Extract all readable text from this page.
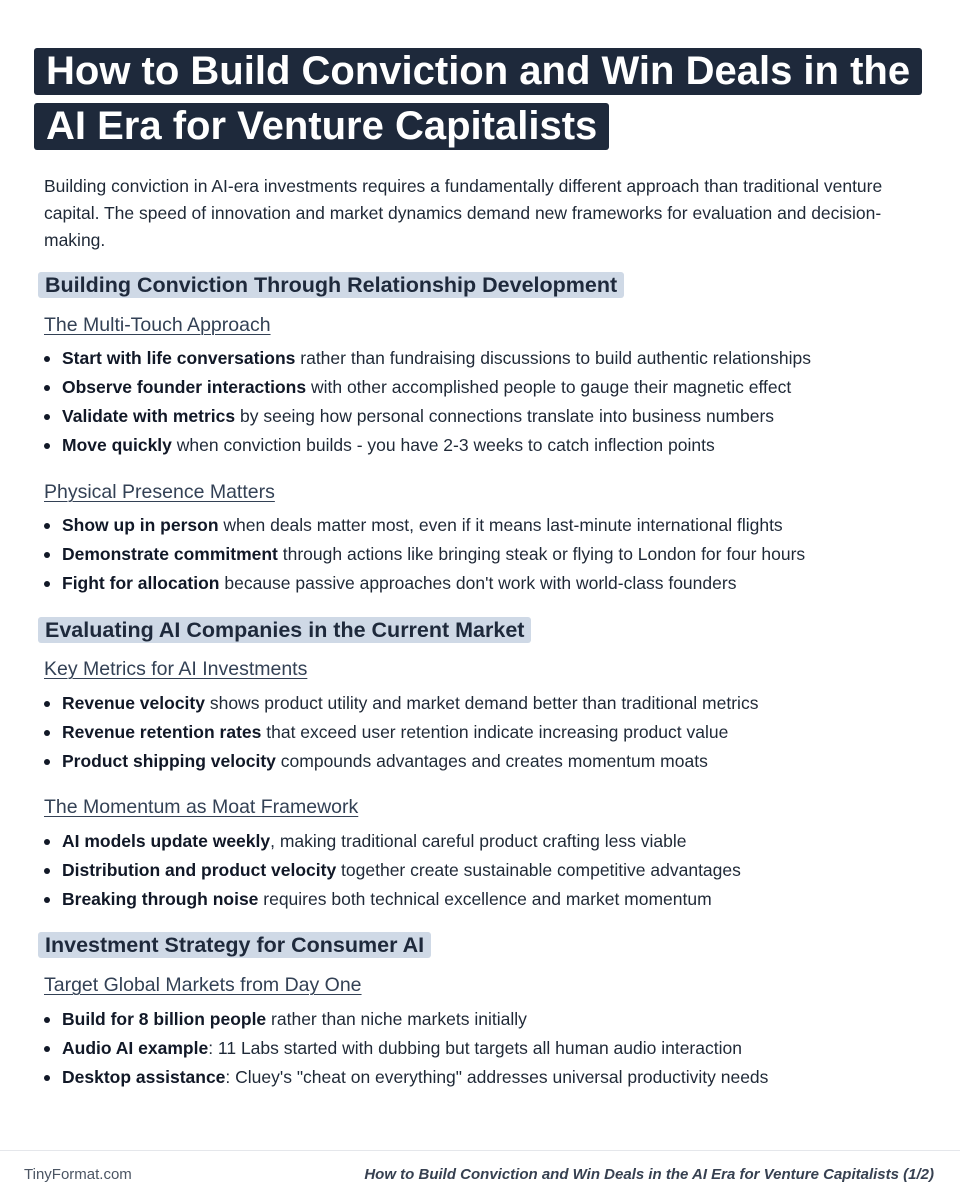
How to Build Conviction and Win Deals in the
AI Era for Venture Capitalists

Building conviction in AI-era investments requires a fundamentally different approach than traditional venture capital. The speed of innovation and market dynamics demand new frameworks for evaluation and decision-making.

Building Conviction Through Relationship Development
The Multi-Touch Approach
Start with life conversations rather than fundraising discussions to build authentic relationships
Observe founder interactions with other accomplished people to gauge their magnetic effect
Validate with metrics by seeing how personal connections translate into business numbers
Move quickly when conviction builds - you have 2-3 weeks to catch inflection points
Physical Presence Matters
Show up in person when deals matter most, even if it means last-minute international flights
Demonstrate commitment through actions like bringing steak or flying to London for four hours
Fight for allocation because passive approaches don't work with world-class founders
Evaluating AI Companies in the Current Market
Key Metrics for AI Investments
Revenue velocity shows product utility and market demand better than traditional metrics
Revenue retention rates that exceed user retention indicate increasing product value
Product shipping velocity compounds advantages and creates momentum moats
The Momentum as Moat Framework
AI models update weekly, making traditional careful product crafting less viable
Distribution and product velocity together create sustainable competitive advantages
Breaking through noise requires both technical excellence and market momentum
Investment Strategy for Consumer AI
Target Global Markets from Day One
Build for 8 billion people rather than niche markets initially
Audio AI example: 11 Labs started with dubbing but targets all human audio interaction
Desktop assistance: Cluey's "cheat on everything" addresses universal productivity needs
TinyFormat.com	How to Build Conviction and Win Deals in the AI Era for Venture Capitalists (1/2)
